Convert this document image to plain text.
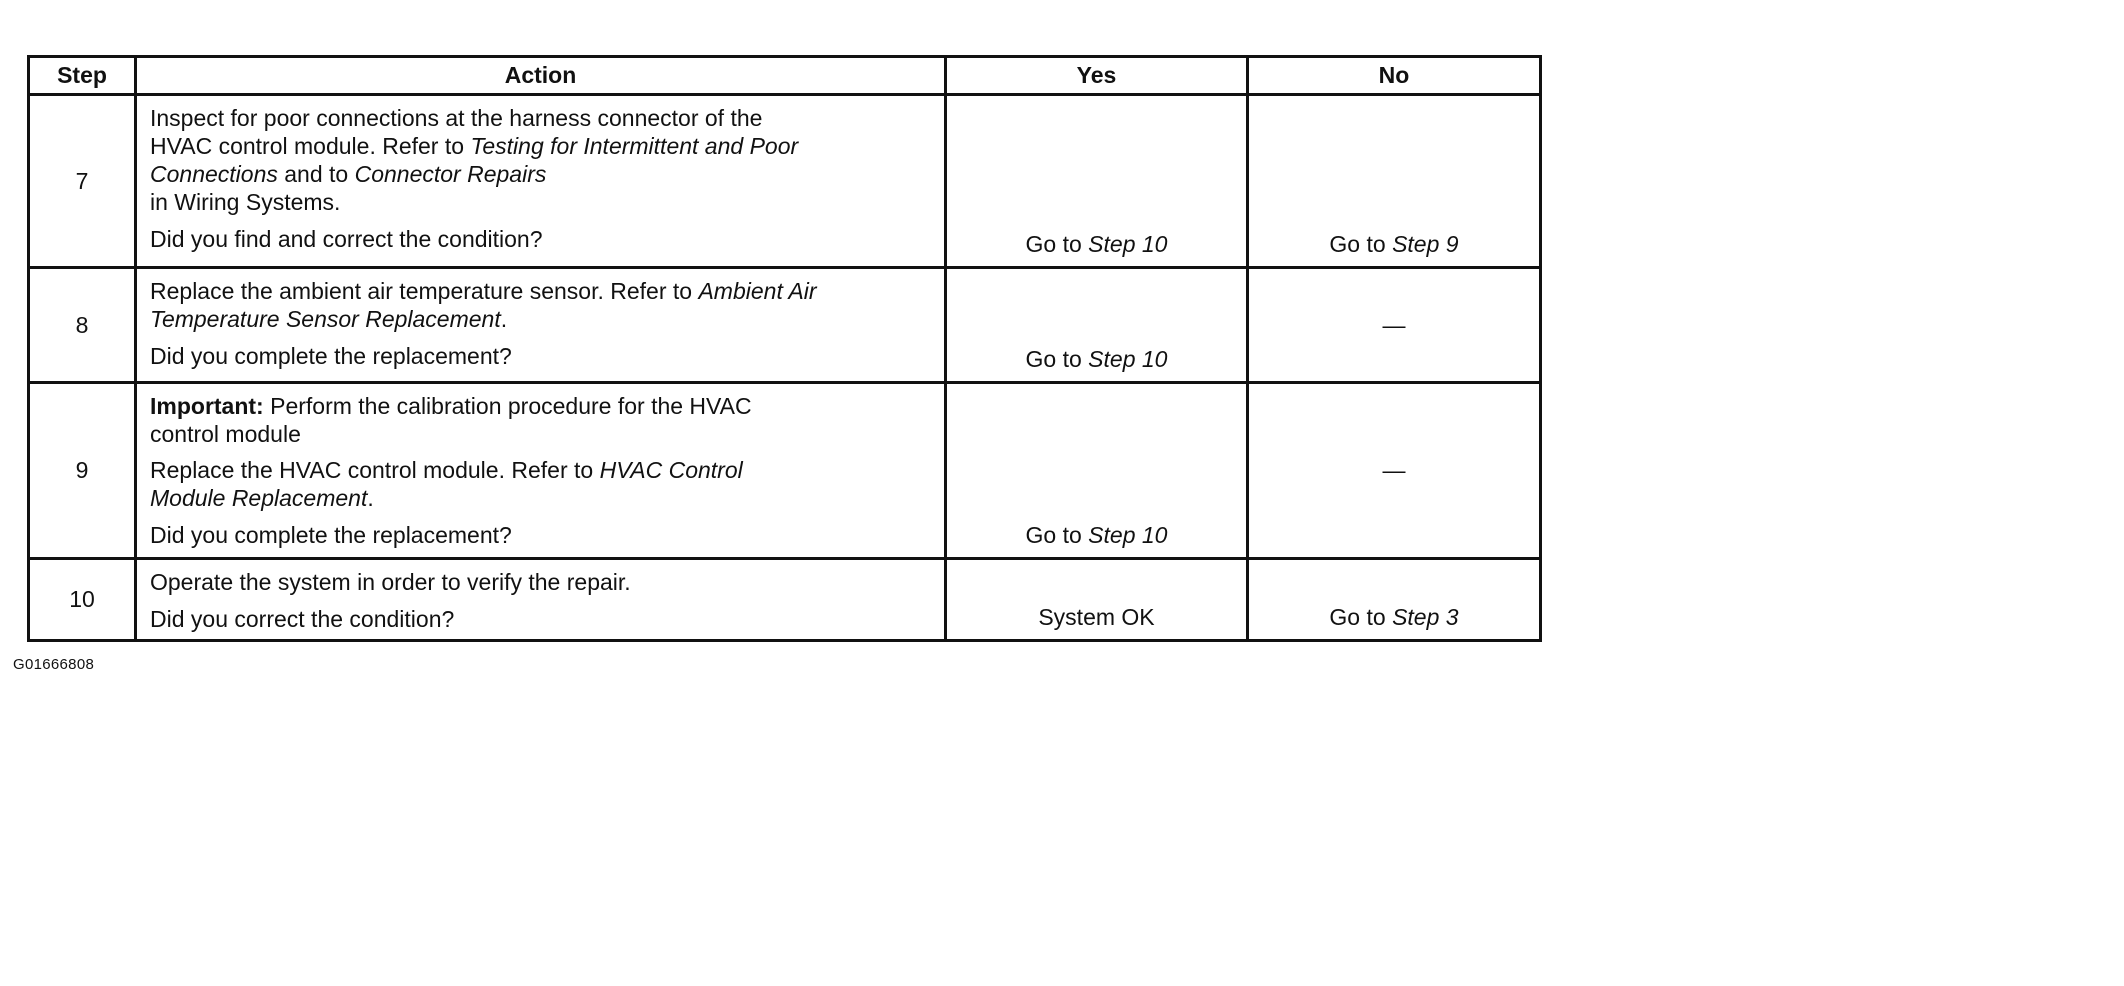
Step	Action	Yes	No
7	Inspect for poor connections at the harness connector of the
HVAC control module. Refer to Testing for Intermittent and Poor
Connections and to Connector Repairs
in Wiring Systems.
Did you find and correct the condition?	Go to Step 10	Go to Step 9
8	Replace the ambient air temperature sensor. Refer to Ambient Air
Temperature Sensor Replacement.
Did you complete the replacement?	Go to Step 10	—
9	Important: Perform the calibration procedure for the HVAC
control module
Replace the HVAC control module. Refer to HVAC Control
Module Replacement.
Did you complete the replacement?	Go to Step 10	—
10	Operate the system in order to verify the repair.
Did you correct the condition?	System OK	Go to Step 3
G01666808
